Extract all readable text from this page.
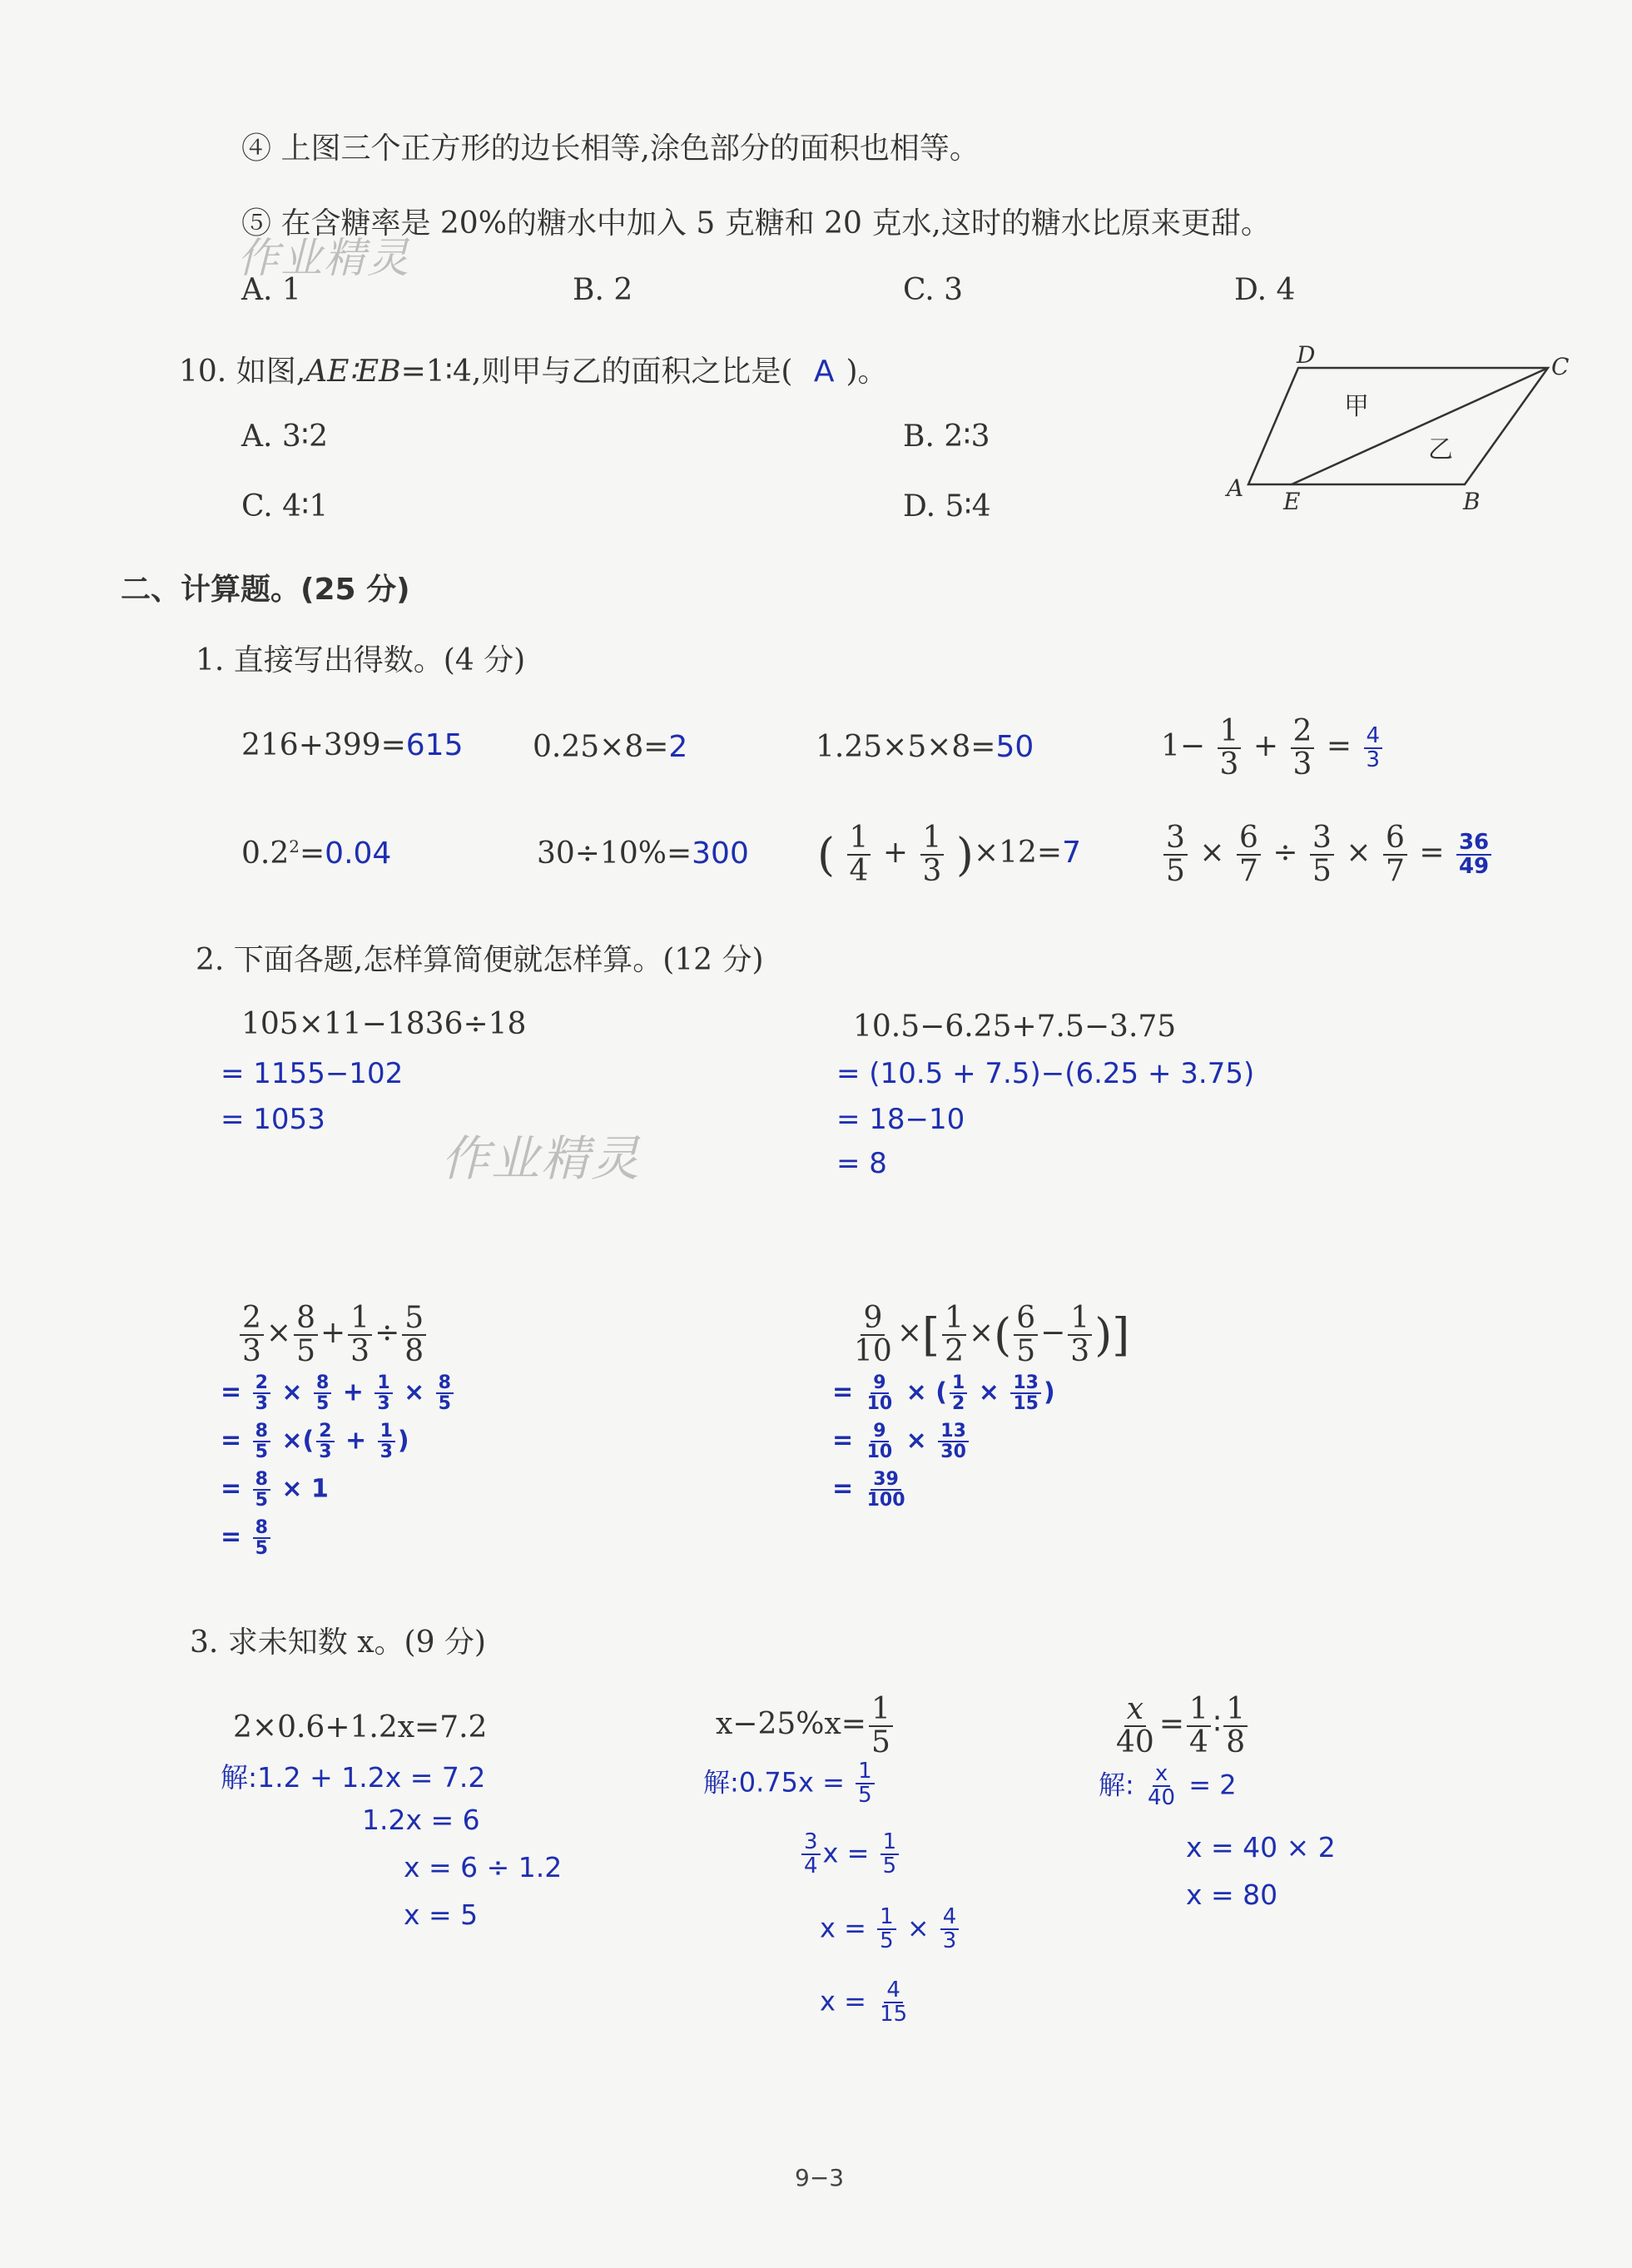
④ 上图三个正方形的边长相等,涂色部分的面积也相等。
⑤ 在含糖率是 20%的糖水中加入 5 克糖和 20 克水,这时的糖水比原来更甜。
A. 1	B. 2	C. 3	D. 4
作业精灵
10. 如图,AE∶EB=1∶4,则甲与乙的面积之比是( A )。
A. 3∶2	B. 2∶3
C. 4∶1	D. 5∶4
D	C
A E	B
甲
乙
二、计算题。(25 分)
1. 直接写出得数。(4 分)
216+399=615 0.25×8=2	1.25×5×8=50	$1- \frac{1}{3} + \frac{2}{3} = \frac{4}{3}$
$0.2^2=0.04$	30÷10%=300 ( $\frac{1}{4} + \frac{1}{3} )\times 12=7$	$\frac{3}{5} \times \frac{6}{7} \div \frac{3}{5} \times \frac{6}{7} = \frac{36}{49}$
2. 下面各题,怎样算简便就怎样算。(12 分)
105×11−1836÷18
= 1155−102
= 1053
10.5−6.25+7.5−3.75
= (10.5 + 7.5)−(6.25 + 3.75)
= 18−10
= 8
作业精灵
$\frac{2}{3} \times \frac{8}{5} + \frac{1}{3} \div \frac{5}{8}$
= $\frac{2}{3} \times \frac{8}{5} + \frac{1}{3} \times \frac{8}{5}$
= $\frac{8}{5}$ ×( $\frac{2}{3} + \frac{1}{3}$ )
= $\frac{8}{5} \times 1$
= $\frac{8}{5}$
$\frac{9}{10}$ ×[ $\frac{1}{2}$ ×( $\frac{6}{5} - \frac{1}{3}$ )]
= $\frac{9}{10}$ × ( $\frac{1}{2} \times \frac{13}{15}$ )
= $\frac{9}{10} \times \frac{13}{30}$
= $\frac{39}{100}$
3. 求未知数 x。(9 分)
2×0.6+1.2x=7.2
解:1.2 + 1.2x = 7.2
1.2x = 6
x = 6 ÷ 1.2
x = 5
$x-25\%x= \frac{1}{5}$
解:0.75x = $\frac{1}{5}$
$\frac{3}{4}$ $x = \frac{1}{5}$
$x = \frac{1}{5} \times \frac{4}{3}$
$x = \frac{4}{15}$
$\frac{x}{40} = \frac{1}{4}$ ∶ $\frac{1}{8}$
解: $\frac{x}{40} = 2$
x = 40 × 2
x = 80
9−3
